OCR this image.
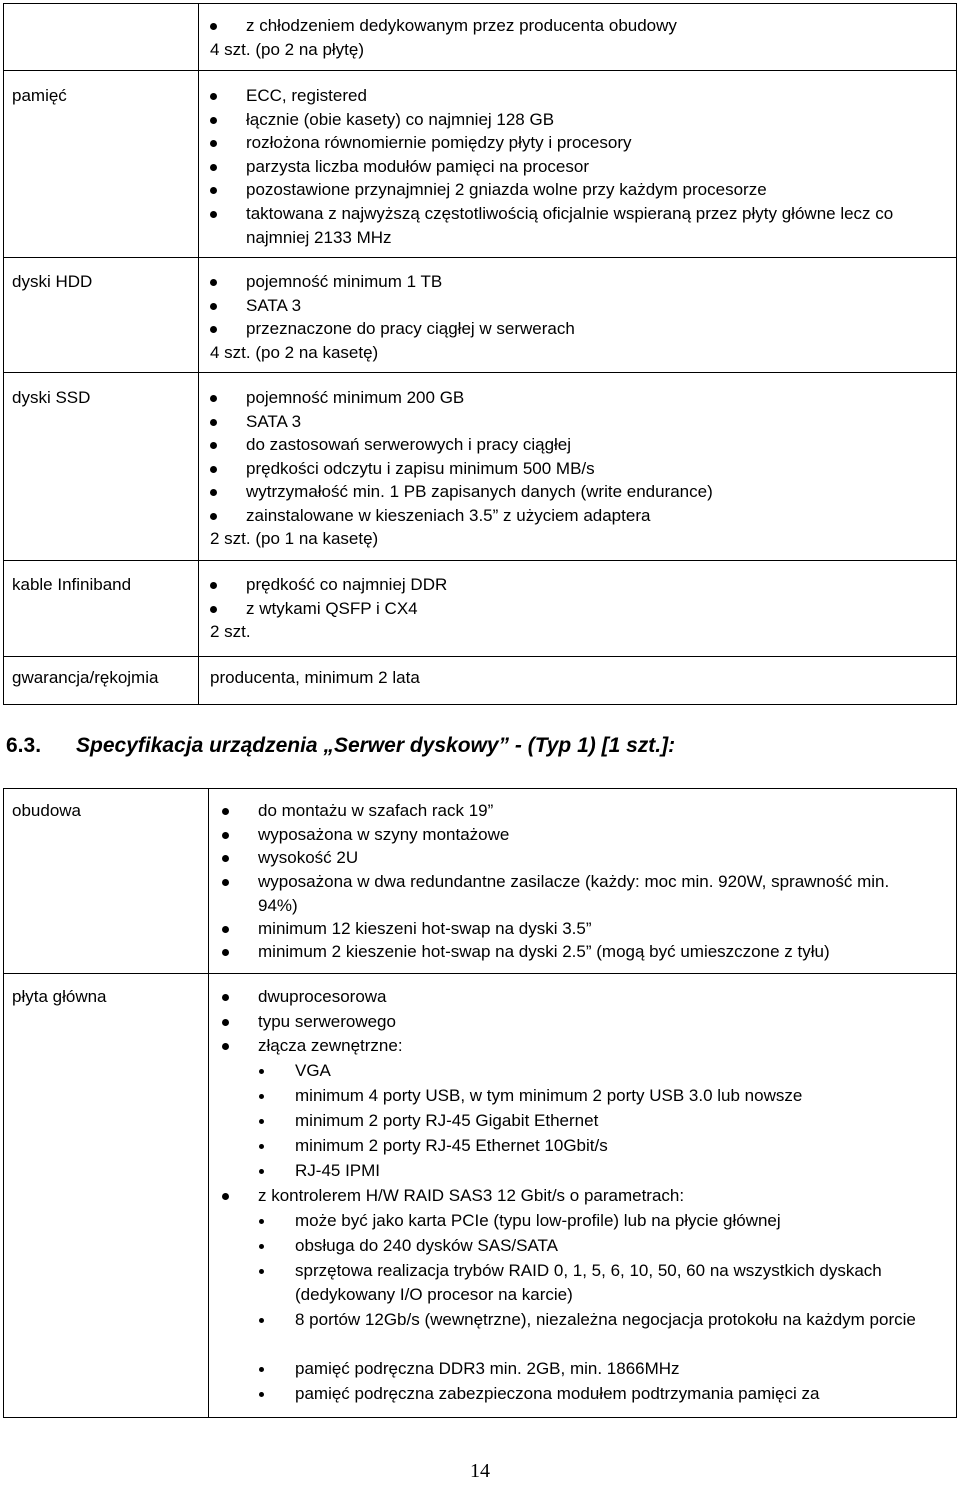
z chłodzeniem dedykowanym przez producenta obudowy
4 szt. (po 2 na płytę)
pamięć	ECC, registered
łącznie (obie kasety) co najmniej 128 GB
rozłożona równomiernie pomiędzy płyty i procesory
parzysta liczba modułów pamięci na procesor
pozostawione przynajmniej 2 gniazda wolne przy każdym procesorze
taktowana z najwyższą częstotliwością oficjalnie wspieraną przez płyty główne lecz co najmniej 2133 MHz
dyski HDD	pojemność minimum 1 TB
SATA 3
przeznaczone do pracy ciągłej w serwerach
4 szt. (po 2 na kasetę)
dyski SSD	pojemność minimum 200 GB
SATA 3
do zastosowań serwerowych i pracy ciągłej
prędkości odczytu i zapisu minimum 500 MB/s
wytrzymałość min. 1 PB zapisanych danych (write endurance)
zainstalowane w kieszeniach 3.5” z użyciem adaptera
2 szt. (po 1 na kasetę)
kable Infiniband	prędkość co najmniej DDR
z wtykami QSFP i CX4
2 szt.
gwarancja/rękojmia	producenta, minimum 2 lata
6.3. Specyfikacja urządzenia „Serwer dyskowy” - (Typ 1) [1 szt.]:
obudowa	do montażu w szafach rack 19”
wyposażona w szyny montażowe
wysokość 2U
wyposażona w dwa redundantne zasilacze (każdy: moc min. 920W, sprawność min. 94%)
minimum 12 kieszeni hot-swap na dyski 3.5”
minimum 2 kieszenie hot-swap na dyski 2.5” (mogą być umieszczone z tyłu)
płyta główna	dwuprocesorowa
typu serwerowego
złącza zewnętrzne:
VGA
minimum 4 porty USB, w tym minimum 2 porty USB 3.0 lub nowsze
minimum 2 porty RJ-45 Gigabit Ethernet
minimum 2 porty RJ-45 Ethernet 10Gbit/s
RJ-45 IPMI
z kontrolerem H/W RAID SAS3 12 Gbit/s o parametrach:
może być jako karta PCIe (typu low-profile) lub na płycie głównej
obsługa do 240 dysków SAS/SATA
sprzętowa realizacja trybów RAID 0, 1, 5, 6, 10, 50, 60 na wszystkich dyskach (dedykowany I/O procesor na karcie)
8 portów 12Gb/s (wewnętrzne), niezależna negocjacja protokołu na każdym porcie
pamięć podręczna DDR3 min. 2GB, min. 1866MHz
pamięć podręczna zabezpieczona modułem podtrzymania pamięci za
14
